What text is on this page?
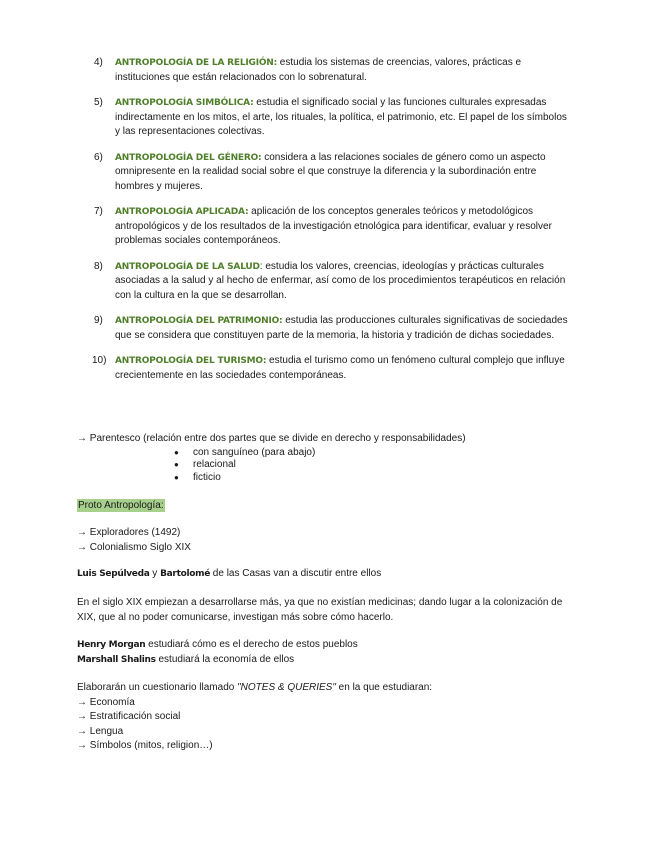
4) ANTROPOLOGÍA DE LA RELIGIÓN: estudia los sistemas de creencias, valores, prácticas e instituciones que están relacionados con lo sobrenatural.
5) ANTROPOLOGÍA SIMBÓLICA: estudia el significado social y las funciones culturales expresadas indirectamente en los mitos, el arte, los rituales, la política, el patrimonio, etc. El papel de los símbolos y las representaciones colectivas.
6) ANTROPOLOGÍA DEL GÉNERO: considera a las relaciones sociales de género como un aspecto omnipresente en la realidad social sobre el que construye la diferencia y la subordinación entre hombres y mujeres.
7) ANTROPOLOGÍA APLICADA: aplicación de los conceptos generales teóricos y metodológicos antropológicos y de los resultados de la investigación etnológica para identificar, evaluar y resolver problemas sociales contemporáneos.
8) ANTROPOLOGÍA DE LA SALUD: estudia los valores, creencias, ideologías y prácticas culturales asociadas a la salud y al hecho de enfermar, así como de los procedimientos terapéuticos en relación con la cultura en la que se desarrollan.
9) ANTROPOLOGÍA DEL PATRIMONIO: estudia las producciones culturales significativas de sociedades que se considera que constituyen parte de la memoria, la historia y tradición de dichas sociedades.
10) ANTROPOLOGÍA DEL TURISMO: estudia el turismo como un fenómeno cultural complejo que influye crecientemente en las sociedades contemporáneas.
→ Parentesco (relación entre dos partes que se divide en derecho y responsabilidades)
● con sanguíneo (para abajo)
● relacional
● ficticio
Proto Antropología:
→ Exploradores (1492)
→ Colonialismo Siglo XIX
Luis Sepúlveda y Bartolomé de las Casas van a discutir entre ellos
En el siglo XIX empiezan a desarrollarse más, ya que no existían medicinas; dando lugar a la colonización de XIX, que al no poder comunicarse, investigan más sobre cómo hacerlo.
Henry Morgan estudiará cómo es el derecho de estos pueblos
Marshall Shalins estudiará la economía de ellos
Elaborarán un cuestionario llamado "NOTES & QUERIES" en la que estudiaran:
→ Economía
→ Estratificación social
→ Lengua
→ Símbolos (mitos, religion…)
